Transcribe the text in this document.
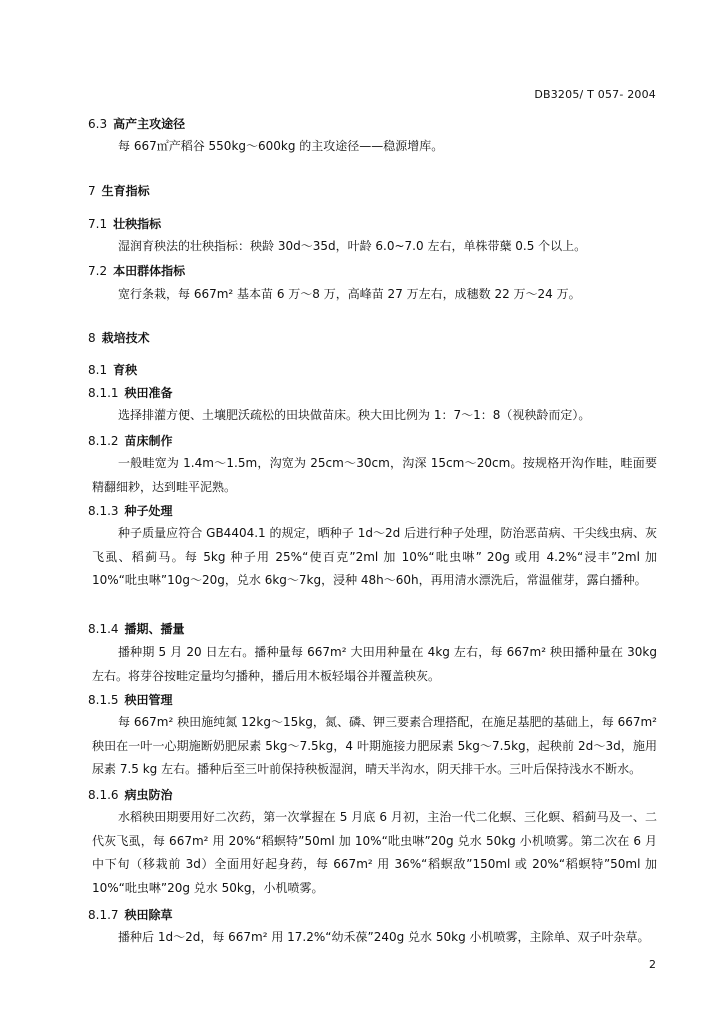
DB3205/ T 057- 2004
6.3 高产主攻途径
每 667㎡产稻谷 550kg～600kg 的主攻途径——稳源增库。
7 生育指标
7.1 壮秧指标
湿润育秧法的壮秧指标：秧龄 30d～35d，叶龄 6.0~7.0 左右，单株带蘖 0.5 个以上。
7.2 本田群体指标
宽行条栽，每 667m² 基本苗 6 万～8 万，高峰苗 27 万左右，成穗数 22 万～24 万。
8 栽培技术
8.1 育秧
8.1.1 秧田准备
选择排灌方便、土壤肥沃疏松的田块做苗床。秧大田比例为 1：7～1：8（视秧龄而定）。
8.1.2 苗床制作
一般畦宽为 1.4m～1.5m，沟宽为 25cm～30cm，沟深 15cm～20cm。按规格开沟作畦，畦面要精翻细耖，达到畦平泥熟。
8.1.3 种子处理
种子质量应符合 GB4404.1 的规定，晒种子 1d～2d 后进行种子处理，防治恶苗病、干尖线虫病、灰飞虱、稻蓟马。每 5kg 种子用 25%“使百克”2ml 加 10%“吡虫啉” 20g 或用 4.2%“浸丰”2ml 加 10%“吡虫啉”10g～20g，兑水 6kg～7kg，浸种 48h～60h，再用清水漂洗后，常温催芽，露白播种。
8.1.4 播期、播量
播种期 5 月 20 日左右。播种量每 667m² 大田用种量在 4kg 左右，每 667m² 秧田播种量在 30kg 左右。将芽谷按畦定量均匀播种，播后用木板轻塌谷并覆盖秧灰。
8.1.5 秧田管理
每 667m² 秧田施纯氮 12kg～15kg，氮、磷、钾三要素合理搭配，在施足基肥的基础上，每 667m² 秧田在一叶一心期施断奶肥尿素 5kg～7.5kg，4 叶期施接力肥尿素 5kg～7.5kg，起秧前 2d～3d，施用尿素 7.5 kg 左右。播种后至三叶前保持秧板湿润，晴天半沟水，阴天排干水。三叶后保持浅水不断水。
8.1.6 病虫防治
水稻秧田期要用好二次药，第一次掌握在 5 月底 6 月初，主治一代二化螟、三化螟、稻蓟马及一、二代灰飞虱，每 667m² 用 20%“稻螟特”50ml 加 10%“吡虫啉”20g 兑水 50kg 小机喷雾。第二次在 6 月中下旬（移栽前 3d）全面用好起身药，每 667m² 用 36%“稻螟敌”150ml 或 20%“稻螟特”50ml 加 10%“吡虫啉”20g 兑水 50kg，小机喷雾。
8.1.7 秧田除草
播种后 1d～2d，每 667m² 用 17.2%“幼禾葆”240g 兑水 50kg 小机喷雾，主除单、双子叶杂草。
2
